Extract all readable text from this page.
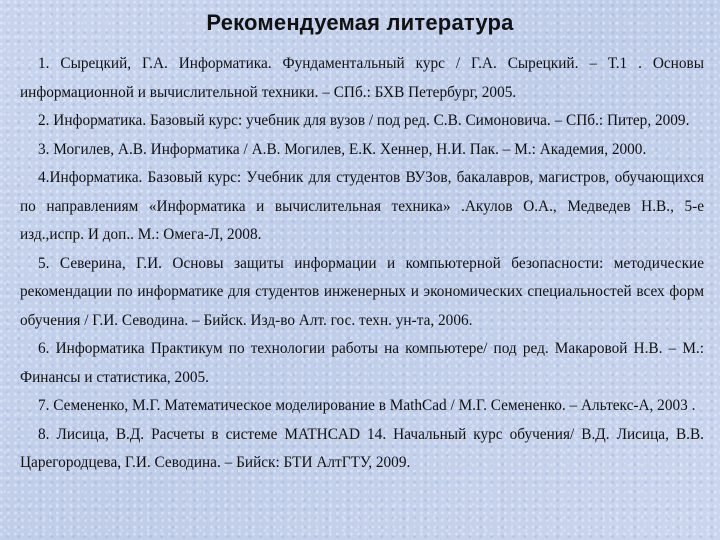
Рекомендуемая литература

1. Сырецкий, Г.А. Информатика. Фундаментальный курс / Г.А. Сырецкий. – Т.1 . Основы информационной и вычислительной техники. – СПб.: БХВ Петербург, 2005.

2. Информатика. Базовый курс: учебник для вузов / под ред. С.В. Симоновича. – СПб.: Питер, 2009.

3. Могилев, А.В. Информатика / А.В. Могилев, Е.К. Хеннер, Н.И. Пак. – М.: Академия, 2000.

4.Информатика. Базовый курс: Учебник для студентов ВУЗов, бакалавров, магистров, обучающихся по направлениям «Информатика и вычислительная техника» .Акулов О.А., Медведев Н.В., 5-е изд.,испр. И доп.. М.: Омега-Л, 2008.

5. Северина, Г.И. Основы защиты информации и компьютерной безопасности: методические рекомендации по информатике для студентов инженерных и экономических специальностей всех форм обучения / Г.И. Севодина. – Бийск. Изд-во Алт. гос. техн. ун-та, 2006.

6. Информатика Практикум по технологии работы на компьютере/ под ред. Макаровой Н.В. – М.: Финансы и статистика, 2005.

7. Семененко, М.Г. Математическое моделирование в MathCad / М.Г. Семененко. – Альтекс-А, 2003 .

8. Лисица, В.Д. Расчеты в системе MATHCAD 14. Начальный курс обучения/ В.Д. Лисица, В.В. Царегородцева, Г.И. Севодина. – Бийск: БТИ АлтГТУ, 2009.
